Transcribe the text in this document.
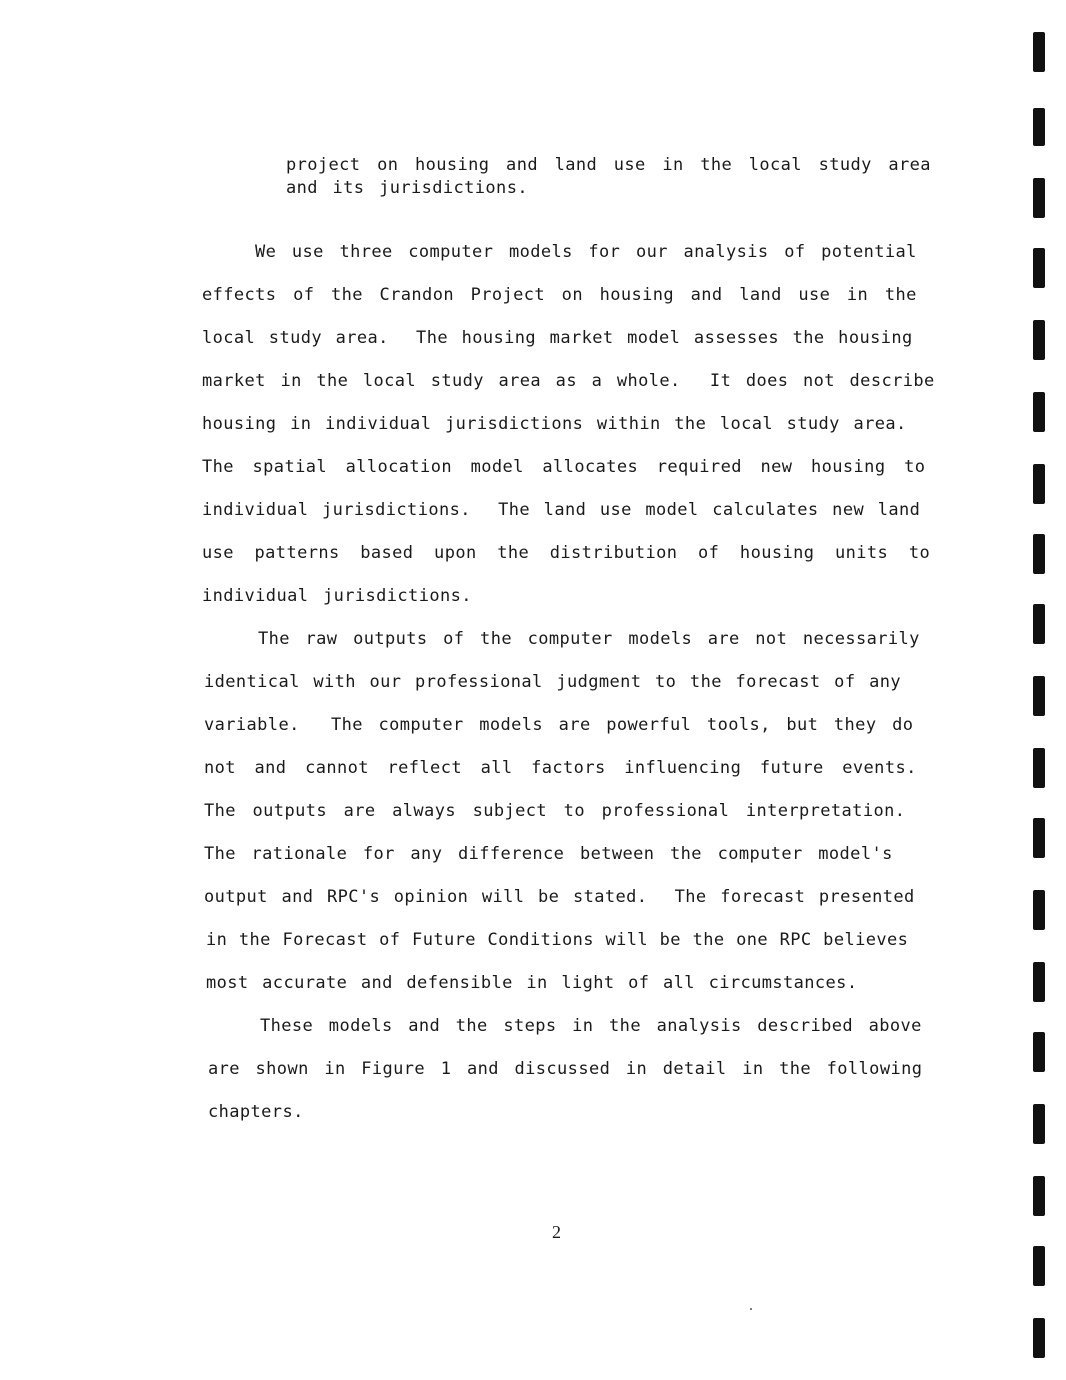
project on housing and land use in the local study area
and its jurisdictions.
We use three computer models for our analysis of potential
effects of the Crandon Project on housing and land use in the
local study area.  The housing market model assesses the housing
market in the local study area as a whole.  It does not describe
housing in individual jurisdictions within the local study area.
The spatial allocation model allocates required new housing to
individual jurisdictions.  The land use model calculates new land
use patterns based upon the distribution of housing units to
individual jurisdictions.
The raw outputs of the computer models are not necessarily
identical with our professional judgment to the forecast of any
variable.  The computer models are powerful tools, but they do
not and cannot reflect all factors influencing future events.
The outputs are always subject to professional interpretation.
The rationale for any difference between the computer model's
output and RPC's opinion will be stated.  The forecast presented
in the Forecast of Future Conditions will be the one RPC believes
most accurate and defensible in light of all circumstances.
These models and the steps in the analysis described above
are shown in Figure 1 and discussed in detail in the following
chapters.
2
